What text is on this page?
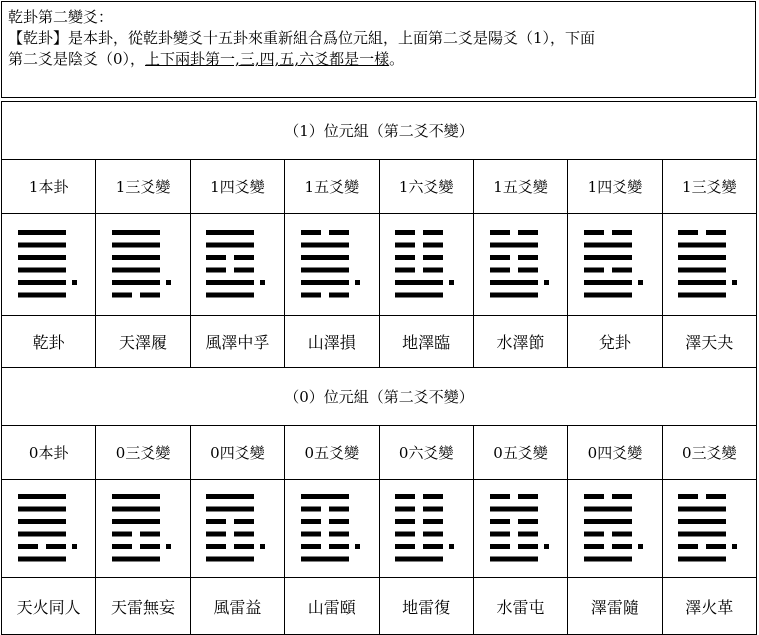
乾卦第二變爻：
【乾卦】是本卦，從乾卦變爻十五卦來重新組合爲位元組，上面第二爻是陽爻（1），下面
第二爻是陰爻（0），上下兩卦第一,三,四,五,六爻都是一樣。
（1）位元組（第二爻不變）							
1本卦	1三爻變	1四爻變	1五爻變	1六爻變	1五爻變	1四爻變	1三爻變

乾卦	天澤履	風澤中孚	山澤損	地澤臨	水澤節	兌卦	澤天夬
（0）位元組（第二爻不變）							
0本卦	0三爻變	0四爻變	0五爻變	0六爻變	0五爻變	0四爻變	0三爻變

天火同人	天雷無妄	風雷益	山雷頤	地雷復	水雷屯	澤雷隨	澤火革
